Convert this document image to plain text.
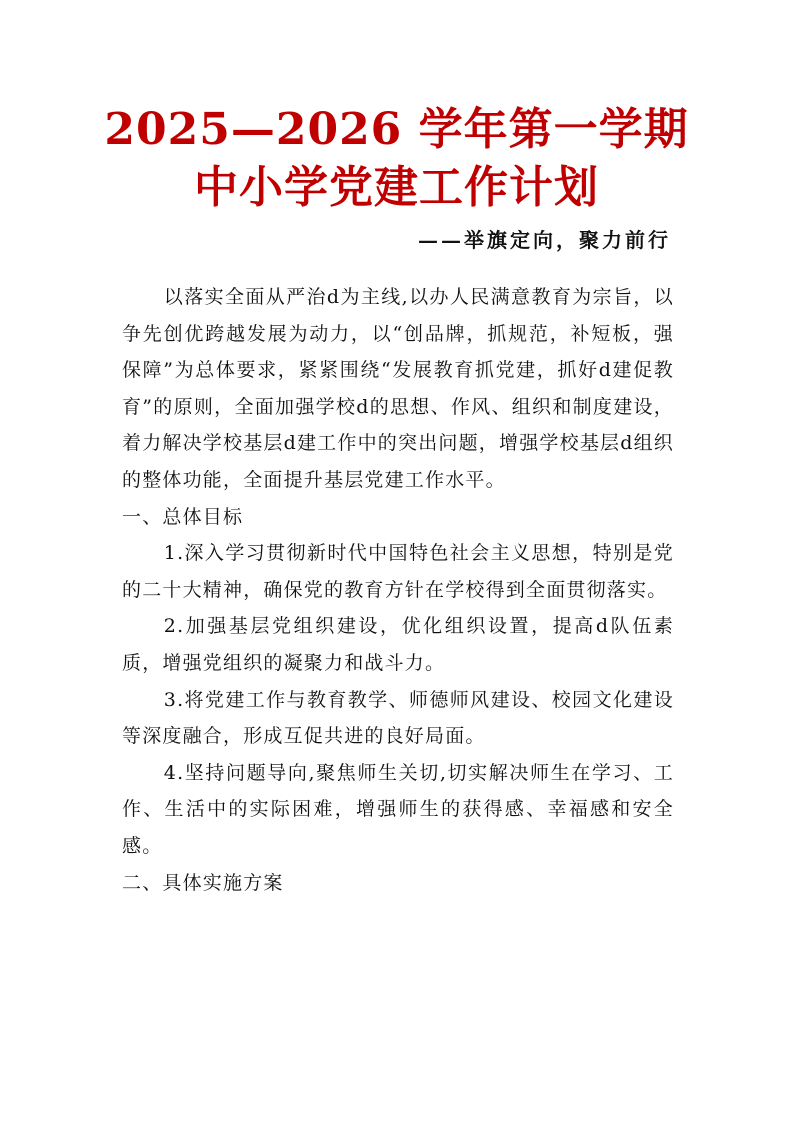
2025—2026 学年第一学期
中小学党建工作计划
——举旗定向，聚力前行

以落实全面从严治d为主线,以办人民满意教育为宗旨，以争先创优跨越发展为动力，以“创品牌，抓规范，补短板，强保障”为总体要求，紧紧围绕“发展教育抓党建，抓好d建促教育”的原则，全面加强学校d的思想、作风、组织和制度建设，着力解决学校基层d建工作中的突出问题，增强学校基层d组织的整体功能，全面提升基层党建工作水平。

一、总体目标

1.深入学习贯彻新时代中国特色社会主义思想，特别是党的二十大精神，确保党的教育方针在学校得到全面贯彻落实。

2.加强基层党组织建设，优化组织设置，提高d队伍素质，增强党组织的凝聚力和战斗力。

3.将党建工作与教育教学、师德师风建设、校园文化建设等深度融合，形成互促共进的良好局面。

4.坚持问题导向,聚焦师生关切,切实解决师生在学习、工作、生活中的实际困难，增强师生的获得感、幸福感和安全感。

二、具体实施方案
